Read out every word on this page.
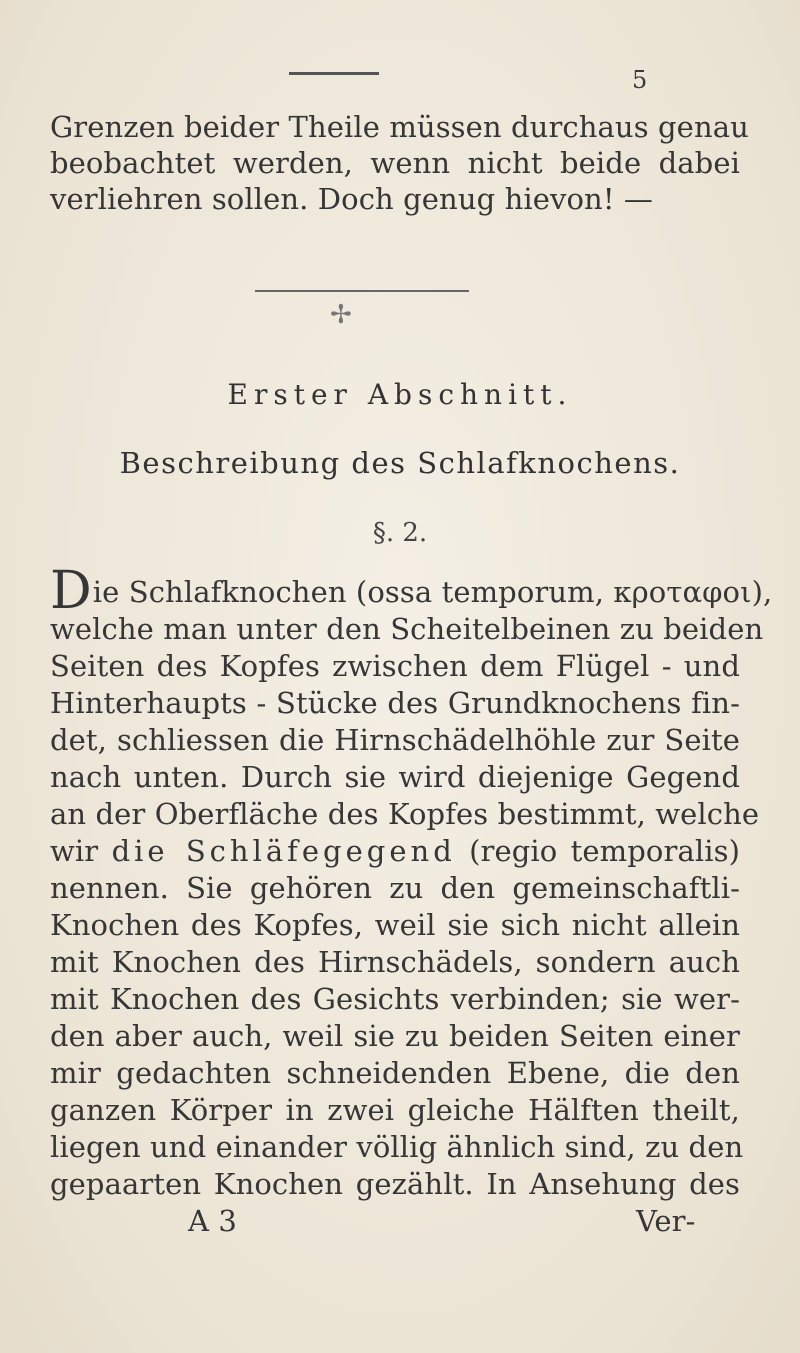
5
Grenzen beider Theile müssen durchaus genau
beobachtet werden, wenn nicht beide dabei
verliehren sollen. Doch genug hievon! —
✢
Erster Abschnitt.
Beschreibung des Schlafknochens.
§. 2.
Die Schlafknochen (ossa temporum, κροταφοι),
welche man unter den Scheitelbeinen zu beiden
Seiten des Kopfes zwischen dem Flügel - und
Hinterhaupts - Stücke des Grundknochens fin-
det, schliessen die Hirnschädelhöhle zur Seite
nach unten. Durch sie wird diejenige Gegend
an der Oberfläche des Kopfes bestimmt, welche
wir die Schläfegegend (regio temporalis)
nennen. Sie gehören zu den gemeinschaftli-
Knochen des Kopfes, weil sie sich nicht allein
mit Knochen des Hirnschädels, sondern auch
mit Knochen des Gesichts verbinden; sie wer-
den aber auch, weil sie zu beiden Seiten einer
mir gedachten schneidenden Ebene, die den
ganzen Körper in zwei gleiche Hälften theilt,
liegen und einander völlig ähnlich sind, zu den
gepaarten Knochen gezählt. In Ansehung des
A 3	Ver-
